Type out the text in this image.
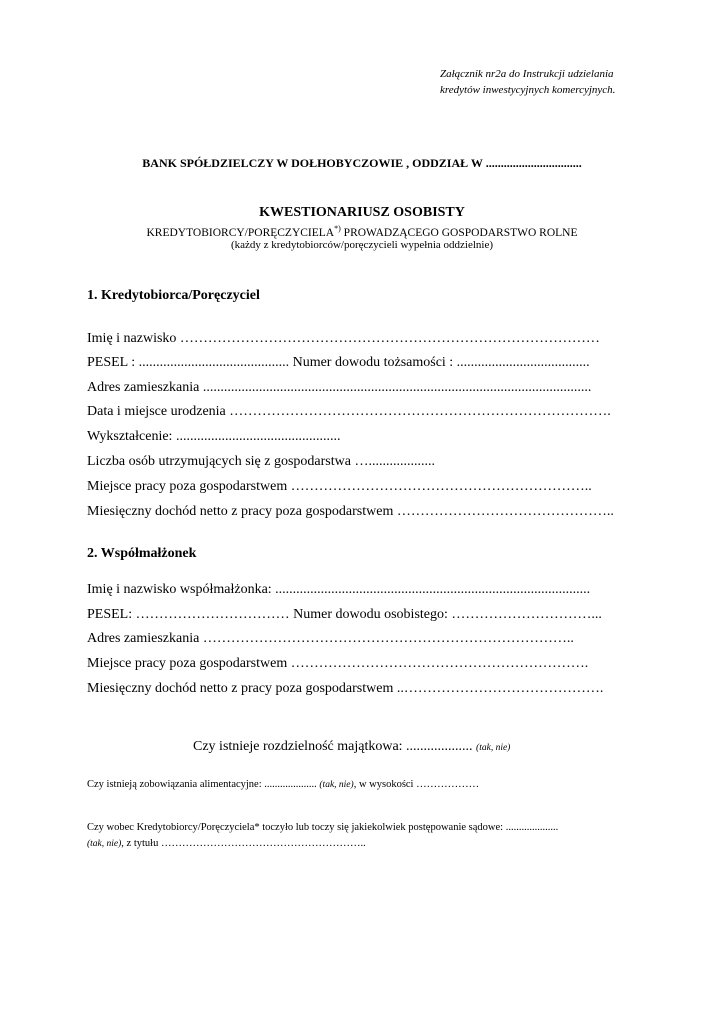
Załącznik nr2a do Instrukcji udzielania
kredytów inwestycyjnych komercyjnych.
BANK SPÓŁDZIELCZY W DOŁHOBYCZOWIE , ODDZIAŁ W ................................
KWESTIONARIUSZ OSOBISTY
KREDYTOBIORCY/PORĘCZYCIELA*) PROWADZĄCEGO GOSPODARSTWO ROLNE
(każdy z kredytobiorców/poręczycieli wypełnia oddzielnie)
1. Kredytobiorca/Poręczyciel
Imię i nazwisko ………………………………………………………………………………
PESEL : ........................................... Numer dowodu tożsamości : ......................................
Adres zamieszkania ...............................................................................................................
Data i miejsce urodzenia ……………………………………………………………………….
Wykształcenie: ...............................................
Liczba osób utrzymujących się z gospodarstwa …...................
Miejsce pracy poza gospodarstwem ………………………………………………………..
Miesięczny dochód netto z pracy poza gospodarstwem ………………………………………..
2. Współmałżonek
Imię i nazwisko współmałżonka: ..........................................................................................
PESEL: …………………………… Numer dowodu osobistego: …………………………...
Adres zamieszkania ……………………………………………………………………..
Miejsce pracy poza gospodarstwem ……………………………………………………….
Miesięczny dochód netto z pracy poza gospodarstwem ..…………………………………….
Czy istnieje rozdzielność majątkowa: ................... (tak, nie)
Czy istnieją zobowiązania alimentacyjne: .................... (tak, nie), w wysokości ………………
Czy wobec Kredytobiorcy/Poręczyciela* toczyło lub toczy się jakiekolwiek postępowanie sądowe: ....................
(tak, nie), z tytułu …………………………………………………..
